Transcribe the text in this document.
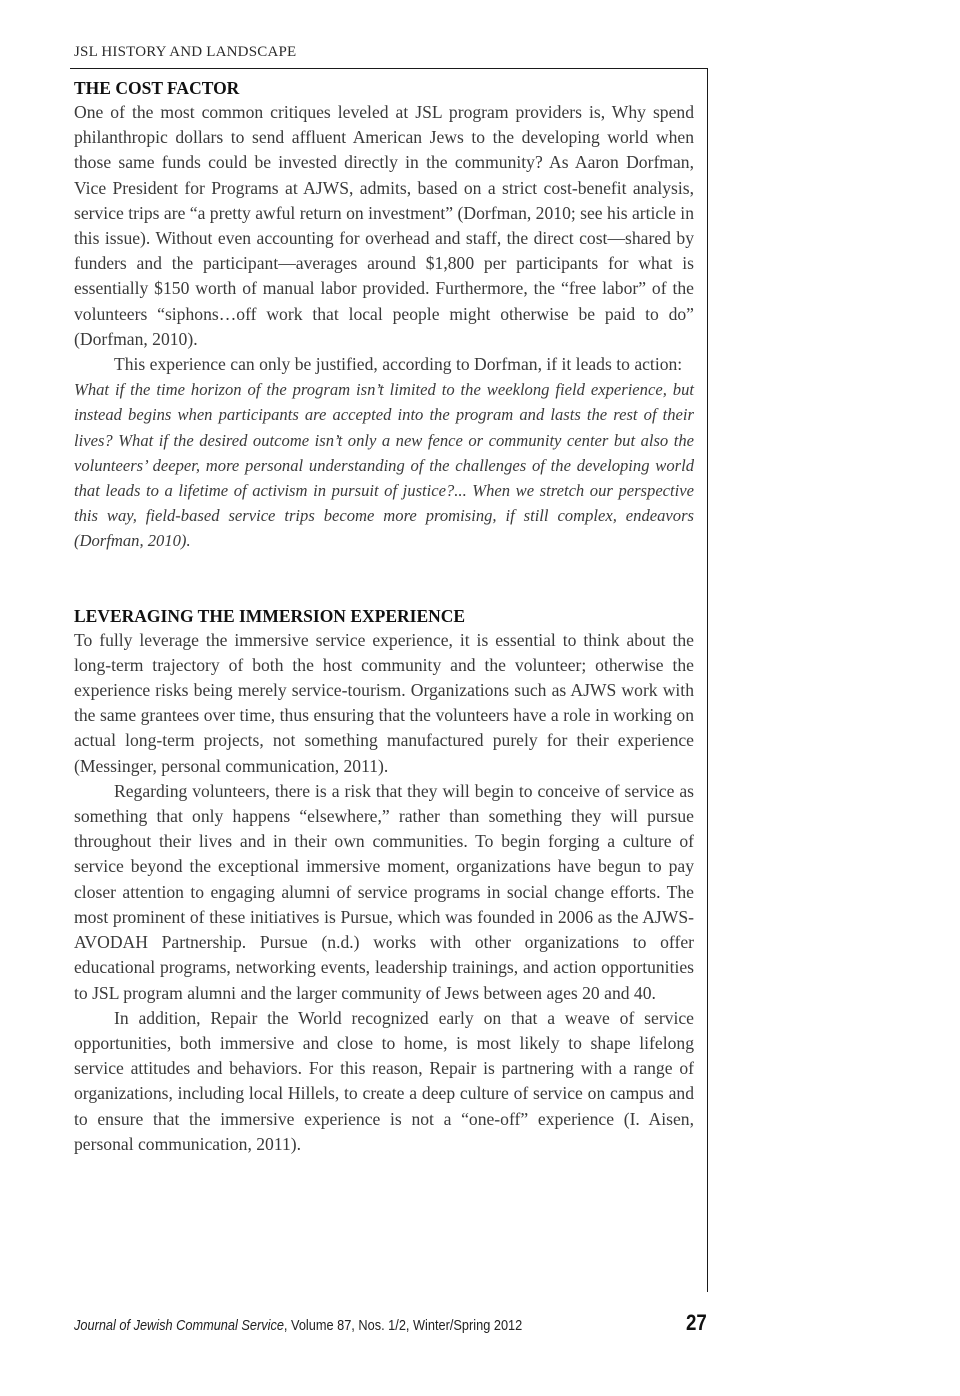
JSL HISTORY AND LANDSCAPE
THE COST FACTOR

One of the most common critiques leveled at JSL program providers is, Why spend philanthropic dollars to send affluent American Jews to the developing world when those same funds could be invested directly in the community? As Aaron Dorfman, Vice President for Programs at AJWS, admits, based on a strict cost-benefit analysis, service trips are “a pretty awful return on investment” (Dorfman, 2010; see his article in this issue). Without even accounting for overhead and staff, the direct cost—shared by funders and the participant—averages around $1,800 per participants for what is essentially $150 worth of manual labor provided. Furthermore, the “free labor” of the volunteers “siphons…off work that local people might otherwise be paid to do” (Dorfman, 2010).

This experience can only be justified, according to Dorfman, if it leads to action:

What if the time horizon of the program isn’t limited to the weeklong field experience, but instead begins when participants are accepted into the program and lasts the rest of their lives? What if the desired outcome isn’t only a new fence or community center but also the volunteers’ deeper, more personal understanding of the challenges of the developing world that leads to a lifetime of activism in pursuit of justice?... When we stretch our perspective this way, field-based service trips become more promising, if still complex, endeavors (Dorfman, 2010).

LEVERAGING THE IMMERSION EXPERIENCE

To fully leverage the immersive service experience, it is essential to think about the long-term trajectory of both the host community and the volunteer; otherwise the experience risks being merely service-tourism. Organizations such as AJWS work with the same grantees over time, thus ensuring that the volunteers have a role in working on actual long-term projects, not something manufactured purely for their experience (Messinger, personal communication, 2011).

Regarding volunteers, there is a risk that they will begin to conceive of service as something that only happens “elsewhere,” rather than something they will pursue throughout their lives and in their own communities. To begin forging a culture of service beyond the exceptional immersive moment, organizations have begun to pay closer attention to engaging alumni of service programs in social change efforts. The most prominent of these initiatives is Pursue, which was founded in 2006 as the AJWS-AVODAH Partnership. Pursue (n.d.) works with other organizations to offer educational programs, networking events, leadership trainings, and action opportunities to JSL program alumni and the larger community of Jews between ages 20 and 40.

In addition, Repair the World recognized early on that a weave of service opportunities, both immersive and close to home, is most likely to shape lifelong service attitudes and behaviors. For this reason, Repair is partnering with a range of organizations, including local Hillels, to create a deep culture of service on campus and to ensure that the immersive experience is not a “one-off” experience (I. Aisen, personal communication, 2011).

Journal of Jewish Communal Service, Volume 87, Nos. 1/2, Winter/Spring 2012	27
